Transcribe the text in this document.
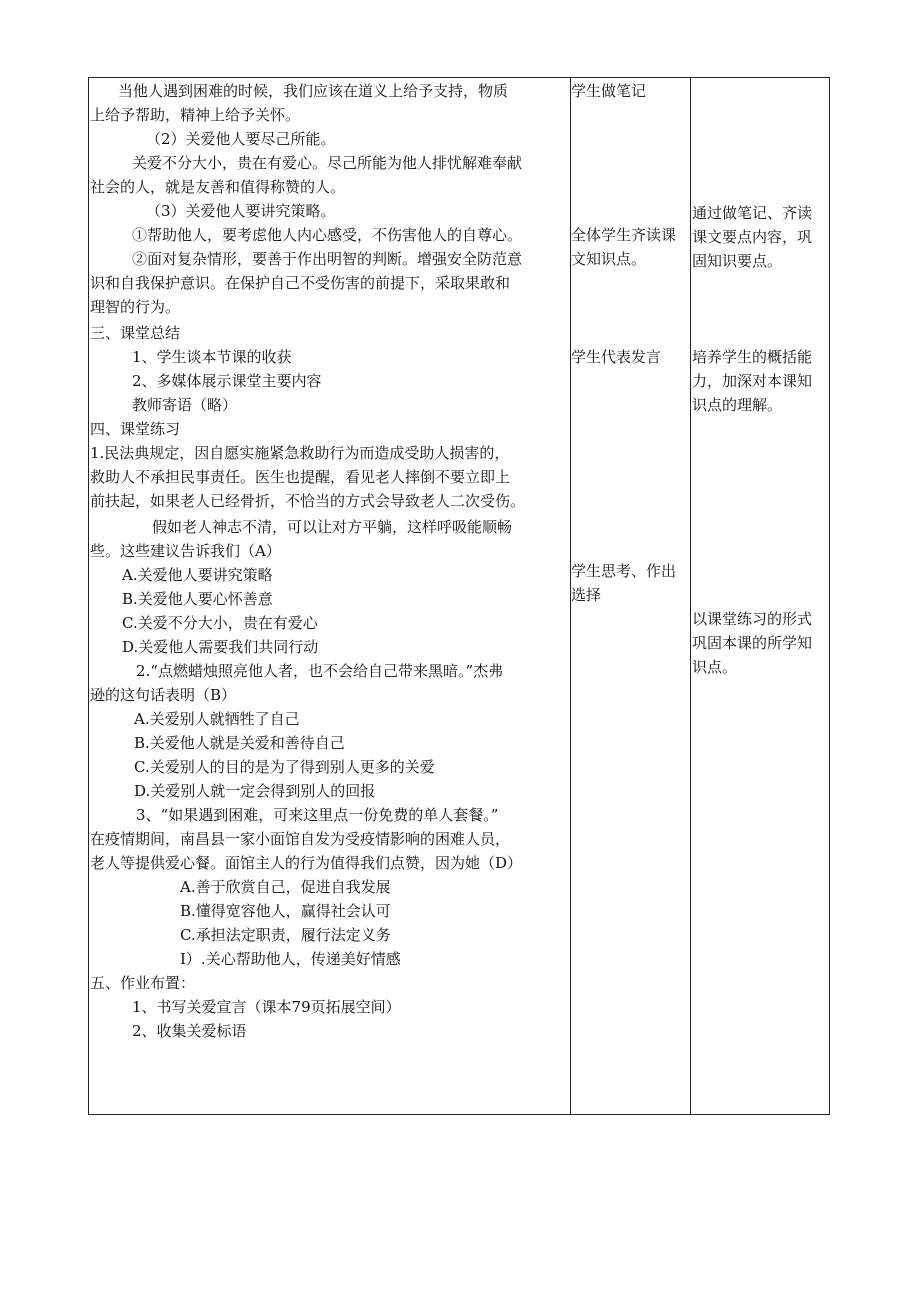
当他人遇到困难的时候，我们应该在道义上给予支持，物质
上给予帮助，精神上给予关怀。
（2）关爱他人要尽己所能。
关爱不分大小，贵在有爱心。尽己所能为他人排忧解难奉献
社会的人，就是友善和值得称赞的人。
（3）关爱他人要讲究策略。
①帮助他人，要考虑他人内心感受，不伤害他人的自尊心。
②面对复杂情形，要善于作出明智的判断。增强安全防范意
识和自我保护意识。在保护自己不受伤害的前提下，采取果敢和
理智的行为。
三、课堂总结
1、学生谈本节课的收获
2、多媒体展示课堂主要内容
教师寄语（略）
四、课堂练习
1.民法典规定，因自愿实施紧急救助行为而造成受助人损害的，
救助人不承担民事责任。医生也提醒，看见老人摔倒不要立即上
前扶起，如果老人已经骨折，不恰当的方式会导致老人二次受伤。
假如老人神志不清，可以让对方平躺，这样呼吸能顺畅
些。这些建议告诉我们（A）
A.关爱他人要讲究策略
B.关爱他人要心怀善意
C.关爱不分大小，贵在有爱心
D.关爱他人需要我们共同行动
2.“点燃蜡烛照亮他人者，也不会给自己带来黑暗。”杰弗
逊的这句话表明（B）
A.关爱别人就牺牲了自己
B.关爱他人就是关爱和善待自己
C.关爱别人的目的是为了得到别人更多的关爱
D.关爱别人就一定会得到别人的回报
3、“如果遇到困难，可来这里点一份免费的单人套餐。”
在疫情期间，南昌县一家小面馆自发为受疫情影响的困难人员，
老人等提供爱心餐。面馆主人的行为值得我们点赞，因为她（D）
A.善于欣赏自己，促进自我发展
B.懂得宽容他人，赢得社会认可
C.承担法定职责，履行法定义务
I）.关心帮助他人，传递美好情感
五、作业布置：
1、书写关爱宣言（课本79页拓展空间）
2、收集关爱标语
学生做笔记
全体学生齐读课
文知识点。
学生代表发言
学生思考、作出
选择
通过做笔记、齐读
课文要点内容，巩
固知识要点。
培养学生的概括能
力，加深对本课知
识点的理解。
以课堂练习的形式
巩固本课的所学知
识点。
